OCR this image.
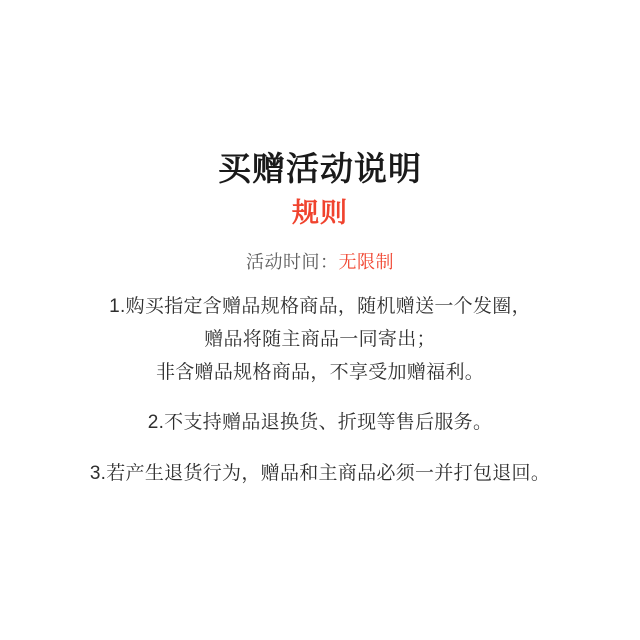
买赠活动说明
规则
活动时间：无限制
1.购买指定含赠品规格商品，随机赠送一个发圈，
赠品将随主商品一同寄出；
非含赠品规格商品，不享受加赠福利。
2.不支持赠品退换货、折现等售后服务。
3.若产生退货行为，赠品和主商品必须一并打包退回。
